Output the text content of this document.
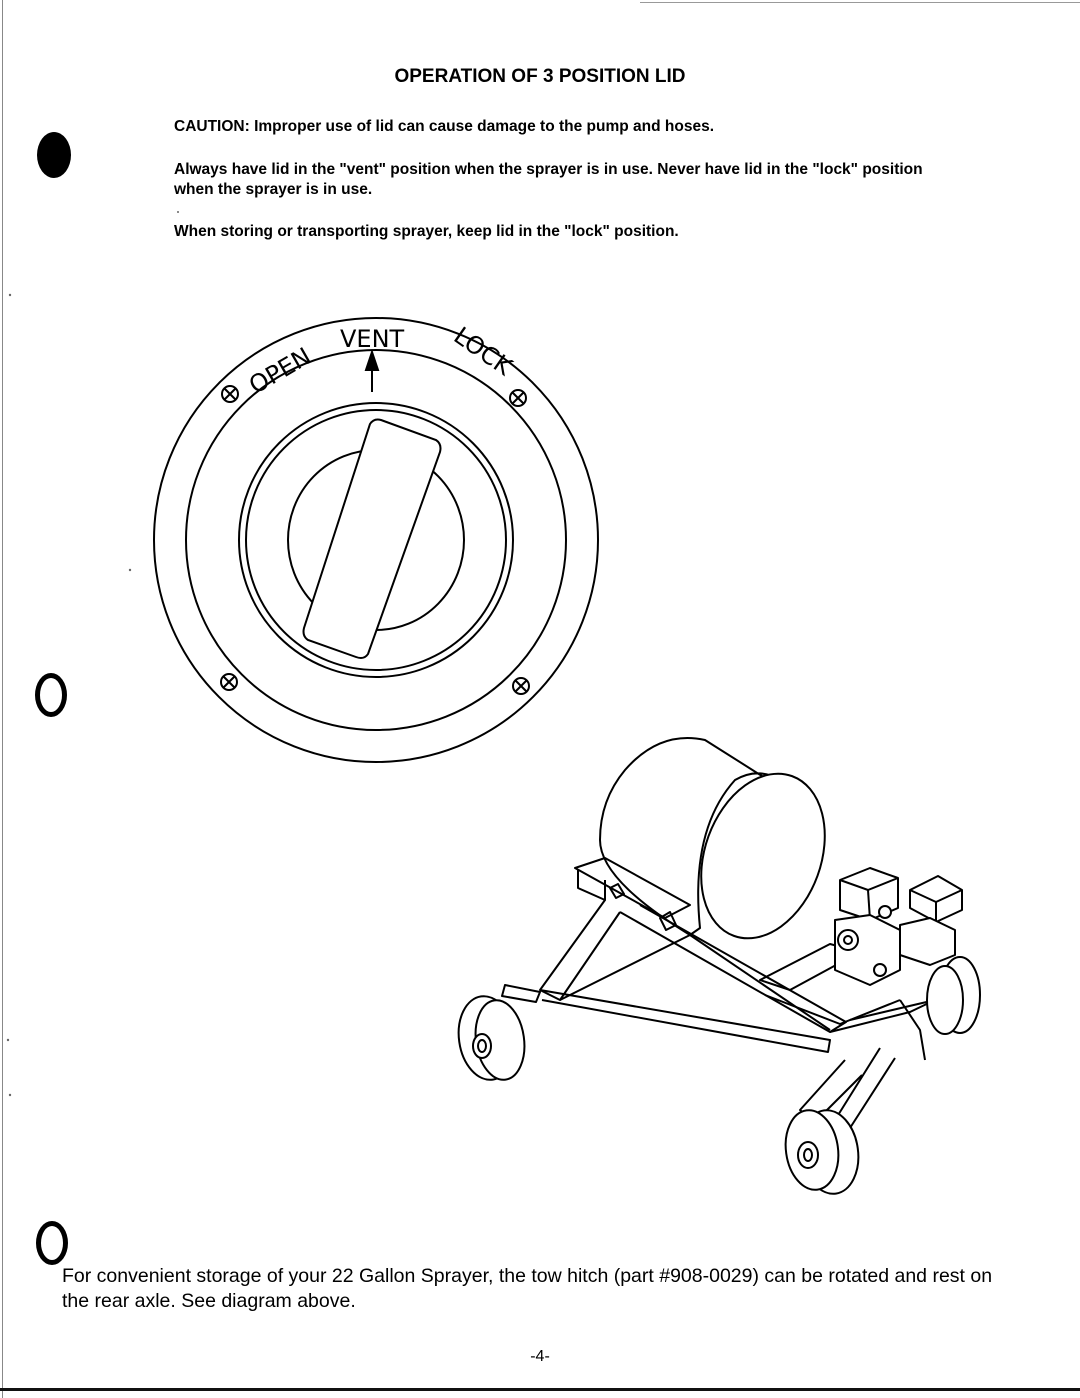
OPERATION OF 3 POSITION LID
CAUTION: Improper use of lid can cause damage to the pump and hoses.
Always have lid in the "vent" position when the sprayer is in use. Never have lid in the "lock" position when the sprayer is in use.
When storing or transporting sprayer, keep lid in the "lock" position.
VENT
OPEN	LOCK
For convenient storage of your 22 Gallon Sprayer, the tow hitch (part #908-0029) can be rotated and rest on the rear axle. See diagram above.
-4-
